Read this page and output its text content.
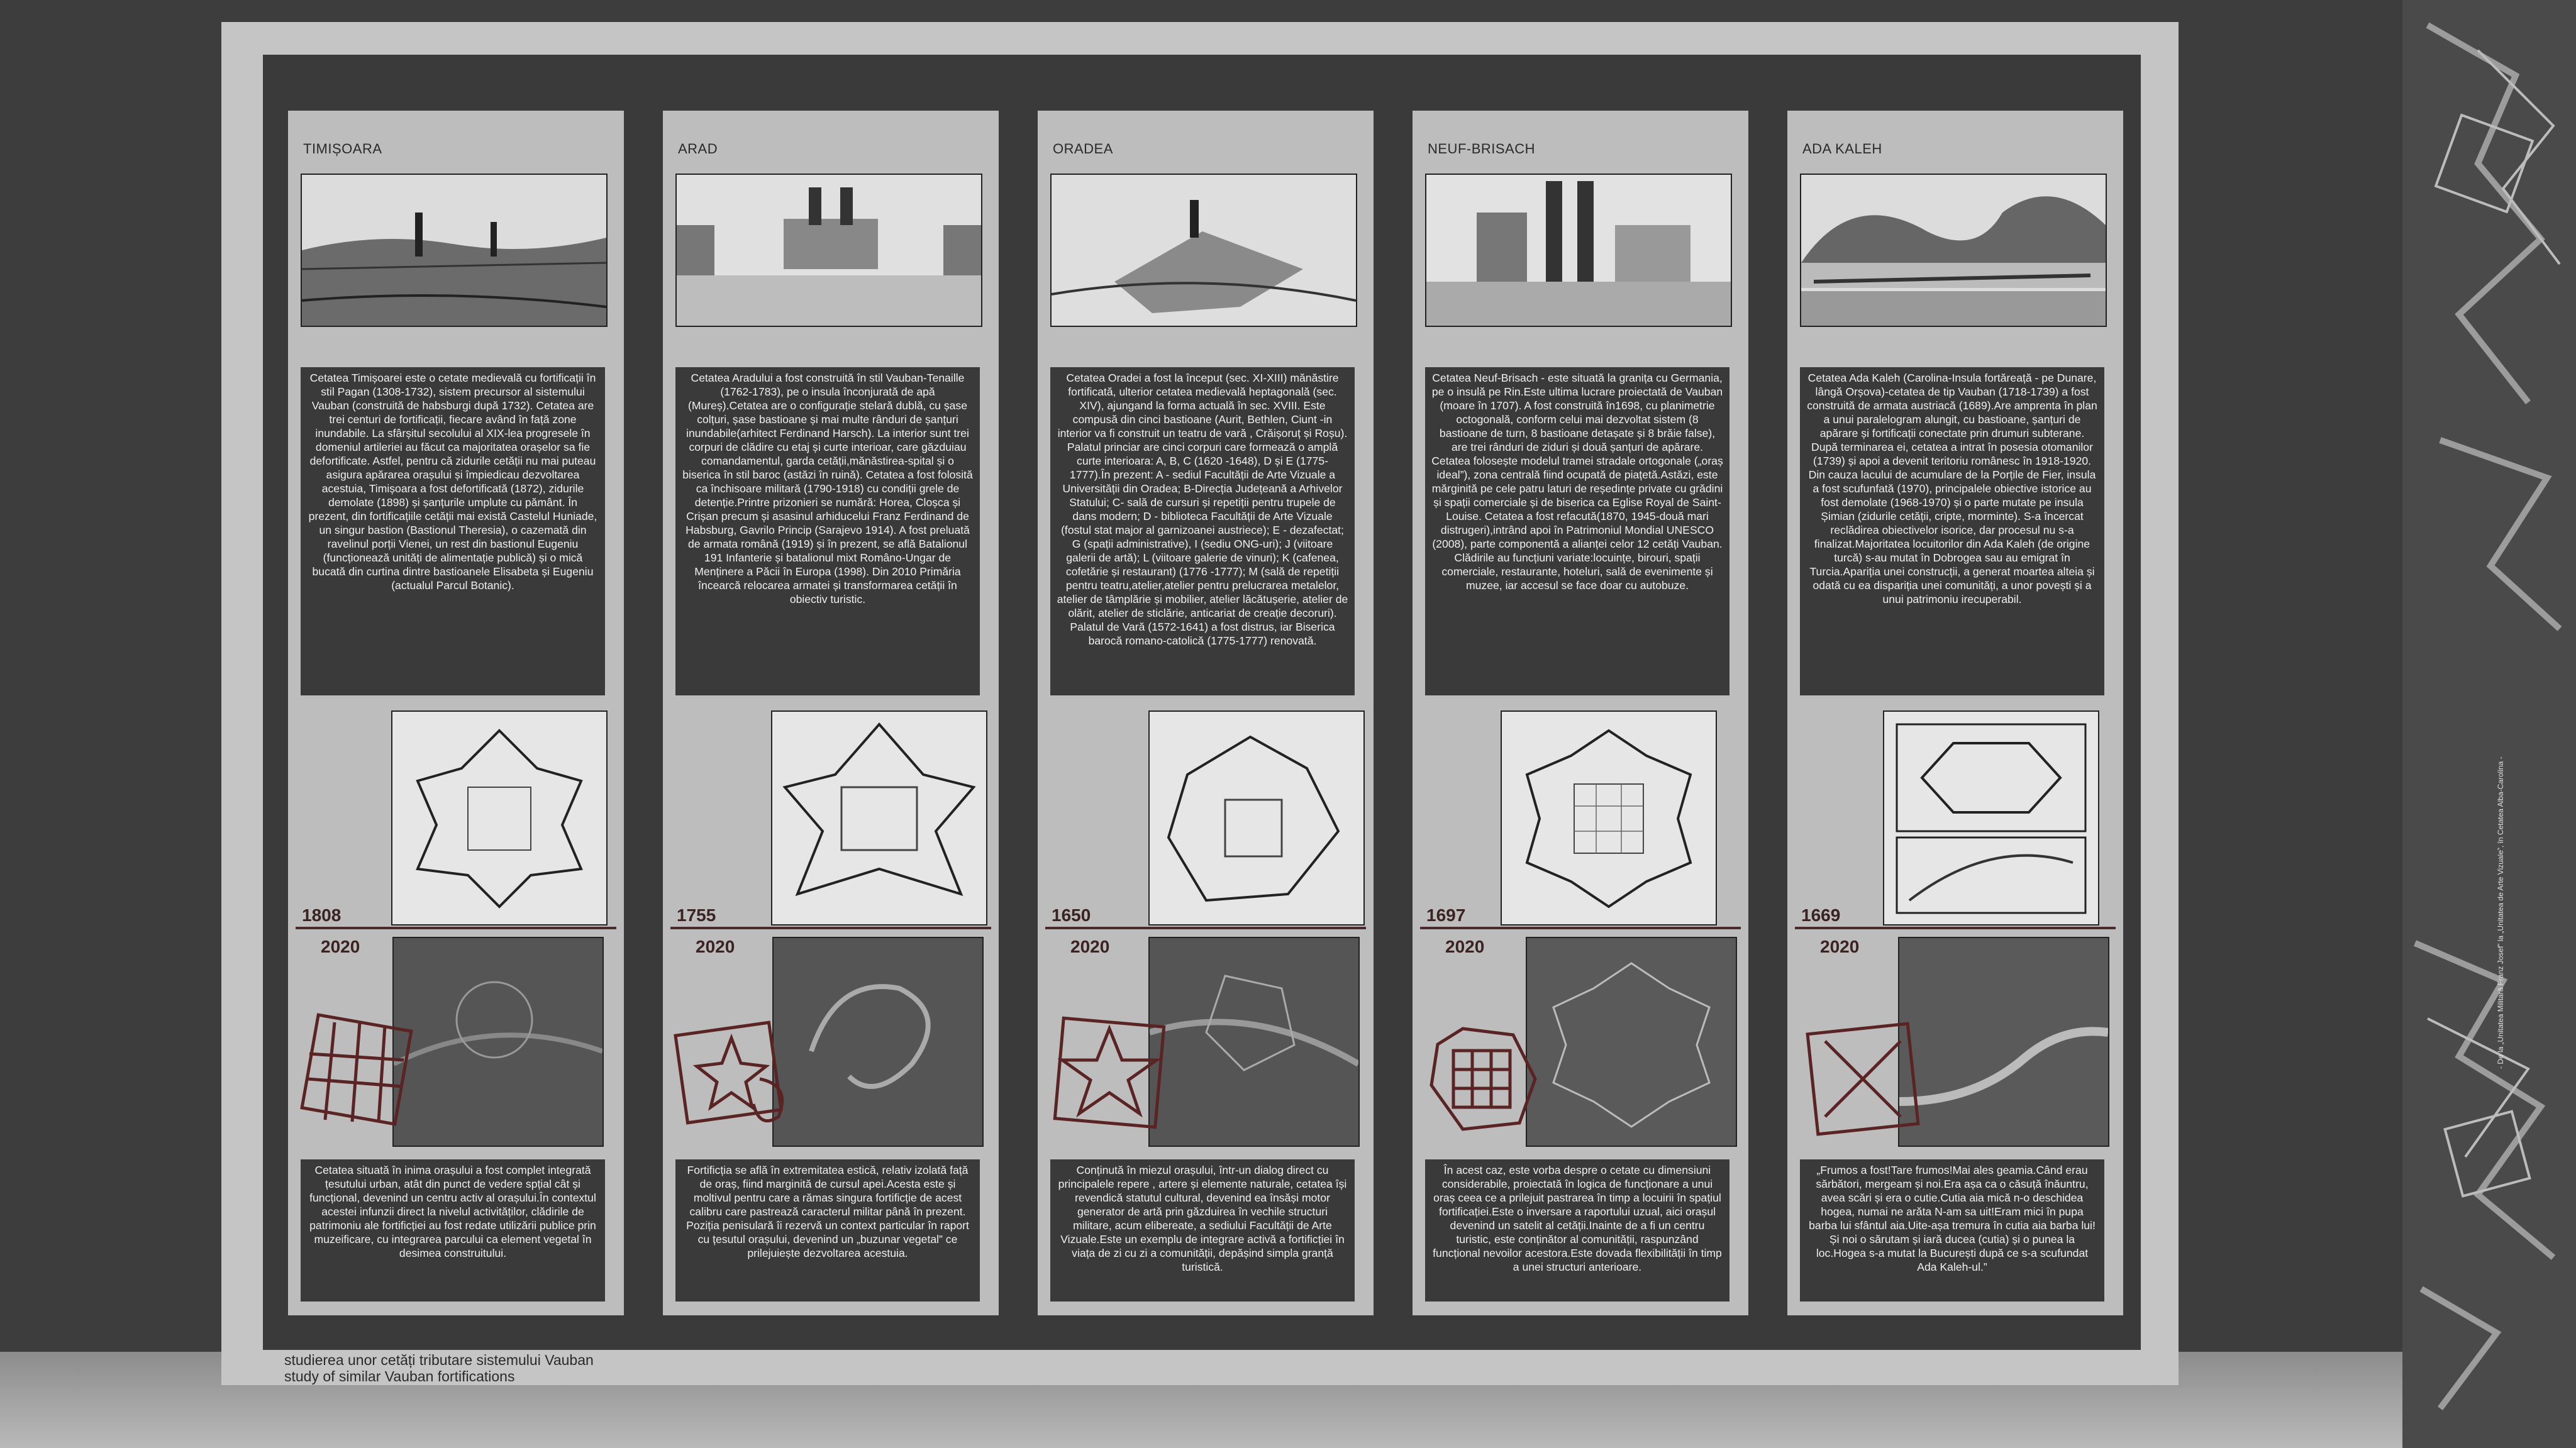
- De la „Unitatea Militară Franz Josef” la „Unitatea de Arte Vizuale”, în Cetatea Alba-Carolina -
studierea unor cetăți tributare sistemului Vauban
study of similar Vauban fortifications
TIMIȘOARA
Cetatea Timișoarei este o cetate medievală cu fortificații în stil Pagan (1308-1732), sistem precursor al sistemului Vauban (construită de habsburgi după 1732). Cetatea are trei centuri de fortificații, fiecare având în față zone inundabile. La sfârșitul secolului al XIX-lea progresele în domeniul artileriei au făcut ca majoritatea orașelor sa fie defortificate. Astfel, pentru că zidurile cetății nu mai puteau asigura apărarea orașului și împiedicau dezvoltarea acestuia, Timișoara a fost defortificată (1872), zidurile demolate (1898) și șanțurile umplute cu pământ. În prezent, din fortificațiile cetății mai există Castelul Huniade, un singur bastion (Bastionul Theresia), o cazemată din ravelinul porții Vienei, un rest din bastionul Eugeniu (funcționează unități de alimentație publică) și o mică bucată din curtina dintre bastioanele Elisabeta și Eugeniu (actualul Parcul Botanic).
1808
2020
Cetatea situată în inima orașului a fost complet integrată țesutului urban, atât din punct de vedere spțial cât și funcțional, devenind un centru activ al orașului.În contextul acestei infunzii direct la nivelul activităților, clădirile de patrimoniu ale fortificției au fost redate utilizării publice prin muzeificare, cu integrarea parcului ca element vegetal în desimea construitului.
ARAD
Cetatea Aradului a fost construită în stil Vauban-Tenaille (1762-1783), pe o insula înconjurată de apă (Mureș).Cetatea are o configurație stelară dublă, cu șase colțuri, șase bastioane și mai multe rânduri de șanțuri inundabile(arhitect Ferdinand Harsch). La interior sunt trei corpuri de clădire cu etaj și curte interioar, care găzduiau comandamentul, garda cetății,mănăstirea-spital și o biserica în stil baroc (astăzi în ruină). Cetatea a fost folosită ca închisoare militară (1790-1918) cu condiții grele de detenție.Printre prizonieri se numără: Horea, Cloșca și Crișan precum și asasinul arhiducelui Franz Ferdinand de Habsburg, Gavrilo Princip (Sarajevo 1914). A fost preluată de armata română (1919) și în prezent, se află Batalionul 191 Infanterie și batalionul mixt Româno-Ungar de Menținere a Păcii în Europa (1998). Din 2010 Primăria încearcă relocarea armatei și transformarea cetății în obiectiv turistic.
1755
2020
Fortificția se află în extremitatea estică, relativ izolată față de oraș, fiind marginită de cursul apei.Acesta este și moltivul pentru care a rămas singura fortificție de acest calibru care pastrează caracterul militar până în prezent. Poziția penisulară îi rezervă un context particular în raport cu țesutul orașului, devenind un „buzunar vegetal” ce prilejuiește dezvoltarea acestuia.
ORADEA
Cetatea Oradei a fost la început (sec. XI-XIII) mănăstire fortificată, ulterior cetatea medievală heptagonală (sec. XIV), ajungand la forma actuală în sec. XVIII. Este compusă din cinci bastioane (Aurit, Bethlen, Ciunt -in interior va fi construit un teatru de vară , Crăișoruț și Roșu). Palatul princiar are cinci corpuri care formează o amplă curte interioara: A, B, C (1620 -1648), D și E (1775-1777).În prezent: A - sediul Facultății de Arte Vizuale a Universității din Oradea; B-Direcția Județeană a Arhivelor Statului; C- sală de cursuri și repetiții pentru trupele de dans modern; D - biblioteca Facultății de Arte Vizuale (fostul stat major al garnizoanei austriece); E - dezafectat; G (spații administrative), I (sediu ONG-uri); J (viitoare galerii de artă); L (viitoare galerie de vinuri); K (cafenea, cofetărie și restaurant) (1776 -1777); M (sală de repetiții pentru teatru,atelier,atelier pentru prelucrarea metalelor, atelier de tâmplărie și mobilier, atelier lăcătușerie, atelier de olărit, atelier de sticlărie, anticariat de creație decoruri). Palatul de Vară (1572-1641) a fost distrus, iar Biserica barocă romano-catolică (1775-1777) renovată.
1650
2020
Conținută în miezul orașului, într-un dialog direct cu principalele repere , artere și elemente naturale, cetatea își revendică statutul cultural, devenind ea însăși motor generator de artă prin găzduirea în vechile structuri militare, acum elibereate, a sediului Facultății de Arte Vizuale.Este un exemplu de integrare activă a fortificției în viața de zi cu zi a comunității, depășind simpla granță turistică.
NEUF-BRISACH
Cetatea Neuf-Brisach - este situată la granița cu Germania, pe o insulă pe Rin.Este ultima lucrare proiectată de Vauban (moare în 1707). A fost construită în1698, cu planimetrie octogonală, conform celui mai dezvoltat sistem (8 bastioane de turn, 8 bastioane detașate și 8 brăie false), are trei rânduri de ziduri și două șanțuri de apărare. Cetatea folosește modelul tramei stradale ortogonale („oraș ideal”), zona centrală fiind ocupată de piațetă.Astăzi, este mărginită pe cele patru laturi de reședințe private cu grădini și spații comerciale și de biserica ca Eglise Royal de Saint-Louise. Cetatea a fost refacută(1870, 1945-două mari distrugeri),intrând apoi în Patrimoniul Mondial UNESCO (2008), parte componentă a alianței celor 12 cetăți Vauban. Clădirile au funcțiuni variate:locuințe, birouri, spații comerciale, restaurante, hoteluri, sală de evenimente și muzee, iar accesul se face doar cu autobuze.
1697
2020
În acest caz, este vorba despre o cetate cu dimensiuni considerabile, proiectată în logica de funcționare a unui oraș ceea ce a prilejuit pastrarea în timp a locuirii în spațiul fortificației.Este o inversare a raportului uzual, aici orașul devenind un satelit al cetății.Inainte de a fi un centru turistic, este conținător al comunității, raspunzând funcțional nevoilor acestora.Este dovada flexibilității în timp a unei structuri anterioare.
ADA KALEH
Cetatea Ada Kaleh (Carolina-Insula fortăreață - pe Dunare, lângă Orșova)-cetatea de tip Vauban (1718-1739) a fost construită de armata austriacă (1689).Are amprenta în plan a unui paralelogram alungit, cu bastioane, șanțuri de apărare și fortificații conectate prin drumuri subterane. După terminarea ei, cetatea a intrat în posesia otomanilor (1739) și apoi a devenit teritoriu românesc în 1918-1920. Din cauza lacului de acumulare de la Porțile de Fier, insula a fost scufunfată (1970), principalele obiective istorice au fost demolate (1968-1970) și o parte mutate pe insula Șimian (zidurile cetății, cripte, morminte). S-a încercat reclădirea obiectivelor isorice, dar procesul nu s-a finalizat.Majoritatea locuitorilor din Ada Kaleh (de origine turcă) s-au mutat în Dobrogea sau au emigrat în Turcia.Apariția unei construcții, a generat moartea alteia și odată cu ea dispariția unei comunități, a unor povești și a unui patrimoniu irecuperabil.
1669
2020
„Frumos a fost!Tare frumos!Mai ales geamia.Când erau sărbători, mergeam și noi.Era așa ca o căsuță înăuntru, avea scări și era o cutie.Cutia aia mică n-o deschidea hogea, numai ne arăta N-am sa uit!Eram mici în pupa barba lui sfântul aia.Uite-așa tremura în cutia aia barba lui!Și noi o sărutam și iară ducea (cutia) și o punea la loc.Hogea s-a mutat la București după ce s-a scufundat Ada Kaleh-ul.”
